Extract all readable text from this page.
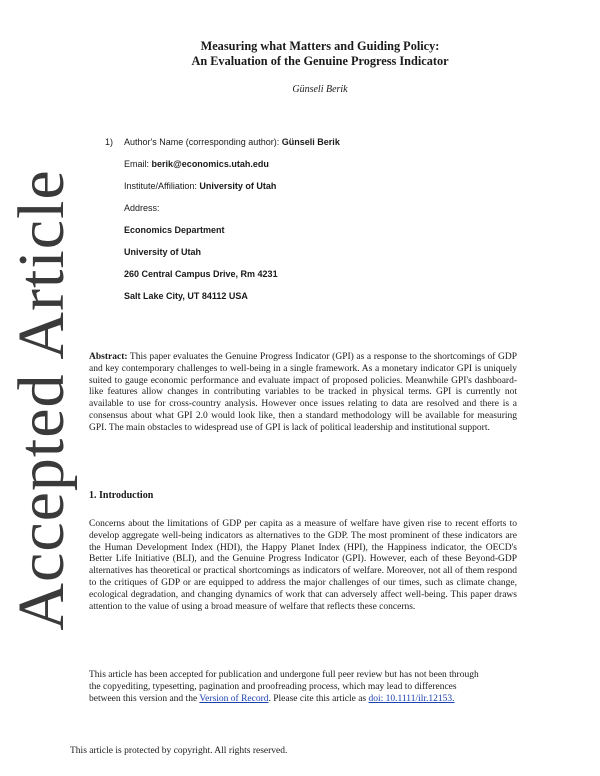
Accepted Article
Measuring what Matters and Guiding Policy:
An Evaluation of the Genuine Progress Indicator
Günseli Berik
1) Author's Name (corresponding author): Günseli Berik
Email: berik@economics.utah.edu
Institute/Affiliation: University of Utah
Address:
Economics Department
University of Utah
260 Central Campus Drive, Rm 4231
Salt Lake City, UT 84112 USA
Abstract: This paper evaluates the Genuine Progress Indicator (GPI) as a response to the shortcomings of GDP and key contemporary challenges to well-being in a single framework. As a monetary indicator GPI is uniquely suited to gauge economic performance and evaluate impact of proposed policies. Meanwhile GPI's dashboard-like features allow changes in contributing variables to be tracked in physical terms. GPI is currently not available to use for cross-country analysis. However once issues relating to data are resolved and there is a consensus about what GPI 2.0 would look like, then a standard methodology will be available for measuring GPI. The main obstacles to widespread use of GPI is lack of political leadership and institutional support.
1. Introduction
Concerns about the limitations of GDP per capita as a measure of welfare have given rise to recent efforts to develop aggregate well-being indicators as alternatives to the GDP. The most prominent of these indicators are the Human Development Index (HDI), the Happy Planet Index (HPI), the Happiness indicator, the OECD's Better Life Initiative (BLI), and the Genuine Progress Indicator (GPI). However, each of these Beyond-GDP alternatives has theoretical or practical shortcomings as indicators of welfare. Moreover, not all of them respond to the critiques of GDP or are equipped to address the major challenges of our times, such as climate change, ecological degradation, and changing dynamics of work that can adversely affect well-being. This paper draws attention to the value of using a broad measure of welfare that reflects these concerns.
This article has been accepted for publication and undergone full peer review but has not been through the copyediting, typesetting, pagination and proofreading process, which may lead to differences between this version and the Version of Record. Please cite this article as doi: 10.1111/ilr.12153.
This article is protected by copyright. All rights reserved.
